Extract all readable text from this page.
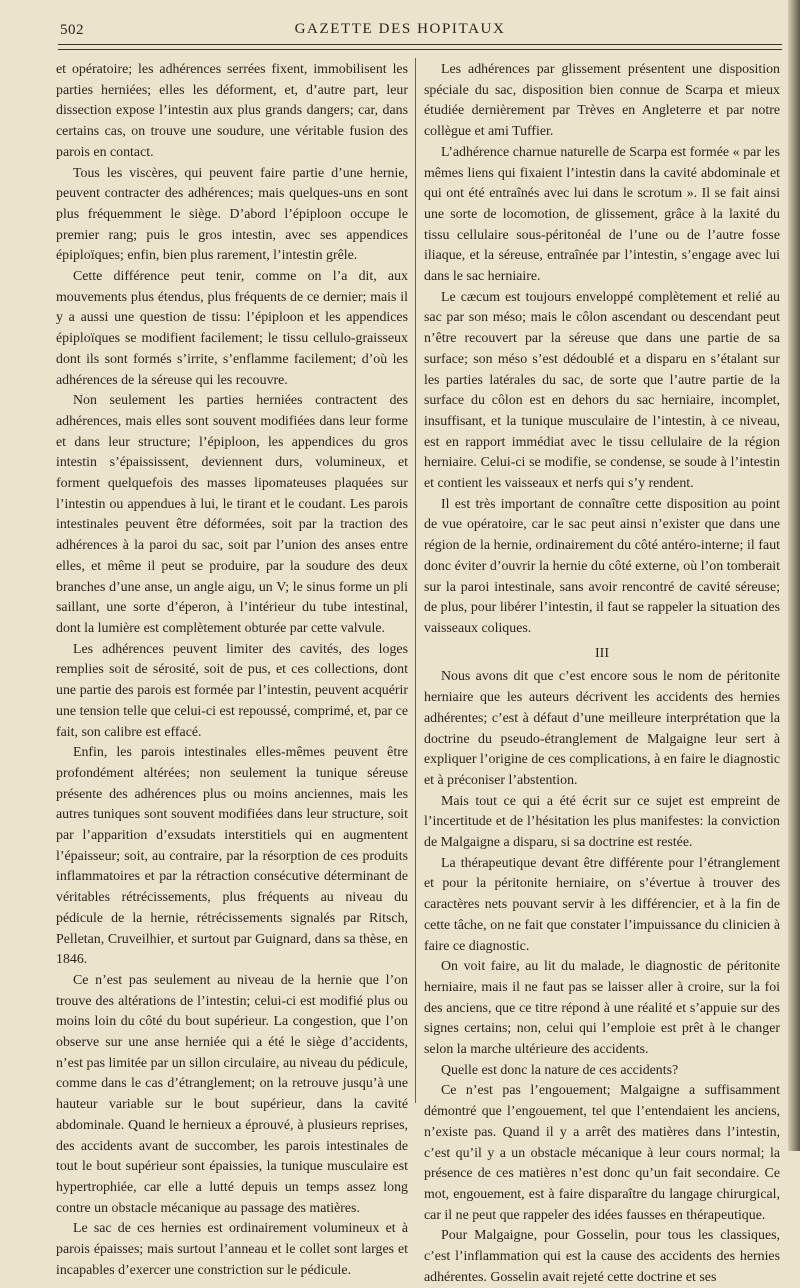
502	GAZETTE DES HOPITAUX

et opératoire; les adhérences serrées fixent, immobilisent les parties herniées; elles les déforment, et, d’autre part, leur dissection expose l’intestin aux plus grands dangers; car, dans certains cas, on trouve une soudure, une véritable fusion des parois en contact.

Tous les viscères, qui peuvent faire partie d’une hernie, peuvent contracter des adhérences; mais quelques-uns en sont plus fréquemment le siège. D’abord l’épiploon occupe le premier rang; puis le gros intestin, avec ses appendices épiploïques; enfin, bien plus rarement, l’intestin grêle.

Cette différence peut tenir, comme on l’a dit, aux mouvements plus étendus, plus fréquents de ce dernier; mais il y a aussi une question de tissu: l’épiploon et les appendices épiploïques se modifient facilement; le tissu cellulo-graisseux dont ils sont formés s’irrite, s’enflamme facilement; d’où les adhérences de la séreuse qui les recouvre.

Non seulement les parties herniées contractent des adhérences, mais elles sont souvent modifiées dans leur forme et dans leur structure; l’épiploon, les appendices du gros intestin s’épaississent, deviennent durs, volumineux, et forment quelquefois des masses lipomateuses plaquées sur l’intestin ou appendues à lui, le tirant et le coudant. Les parois intestinales peuvent être déformées, soit par la traction des adhérences à la paroi du sac, soit par l’union des anses entre elles, et même il peut se produire, par la soudure des deux branches d’une anse, un angle aigu, un V; le sinus forme un pli saillant, une sorte d’éperon, à l’intérieur du tube intestinal, dont la lumière est complètement obturée par cette valvule.

Les adhérences peuvent limiter des cavités, des loges remplies soit de sérosité, soit de pus, et ces collections, dont une partie des parois est formée par l’intestin, peuvent acquérir une tension telle que celui-ci est repoussé, comprimé, et, par ce fait, son calibre est effacé.

Enfin, les parois intestinales elles-mêmes peuvent être profondément altérées; non seulement la tunique séreuse présente des adhérences plus ou moins anciennes, mais les autres tuniques sont souvent modifiées dans leur structure, soit par l’apparition d’exsudats interstitiels qui en augmentent l’épaisseur; soit, au contraire, par la résorption de ces produits inflammatoires et par la rétraction consécutive déterminant de véritables rétrécissements, plus fréquents au niveau du pédicule de la hernie, rétrécissements signalés par Ritsch, Pelletan, Cruveilhier, et surtout par Guignard, dans sa thèse, en 1846.

Ce n’est pas seulement au niveau de la hernie que l’on trouve des altérations de l’intestin; celui-ci est modifié plus ou moins loin du côté du bout supérieur. La congestion, que l’on observe sur une anse herniée qui a été le siège d’accidents, n’est pas limitée par un sillon circulaire, au niveau du pédicule, comme dans le cas d’étranglement; on la retrouve jusqu’à une hauteur variable sur le bout supérieur, dans la cavité abdominale. Quand le hernieux a éprouvé, à plusieurs reprises, des accidents avant de succomber, les parois intestinales de tout le bout supérieur sont épaissies, la tunique musculaire est hypertrophiée, car elle a lutté depuis un temps assez long contre un obstacle mécanique au passage des matières.

Le sac de ces hernies est ordinairement volumineux et à parois épaisses; mais surtout l’anneau et le collet sont larges et incapables d’exercer une constriction sur le pédicule.

Les adhérences par glissement présentent une disposition spéciale du sac, disposition bien connue de Scarpa et mieux étudiée dernièrement par Trèves en Angleterre et par notre collègue et ami Tuffier.

L’adhérence charnue naturelle de Scarpa est formée « par les mêmes liens qui fixaient l’intestin dans la cavité abdominale et qui ont été entraînés avec lui dans le scrotum ». Il se fait ainsi une sorte de locomotion, de glissement, grâce à la laxité du tissu cellulaire sous-péritonéal de l’une ou de l’autre fosse iliaque, et la séreuse, entraînée par l’intestin, s’engage avec lui dans le sac herniaire.

Le cæcum est toujours enveloppé complètement et relié au sac par son méso; mais le côlon ascendant ou descendant peut n’être recouvert par la séreuse que dans une partie de sa surface; son méso s’est dédoublé et a disparu en s’étalant sur les parties latérales du sac, de sorte que l’autre partie de la surface du côlon est en dehors du sac herniaire, incomplet, insuffisant, et la tunique musculaire de l’intestin, à ce niveau, est en rapport immédiat avec le tissu cellulaire de la région herniaire. Celui-ci se modifie, se condense, se soude à l’intestin et contient les vaisseaux et nerfs qui s’y rendent.

Il est très important de connaître cette disposition au point de vue opératoire, car le sac peut ainsi n’exister que dans une région de la hernie, ordinairement du côté antéro-interne; il faut donc éviter d’ouvrir la hernie du côté externe, où l’on tomberait sur la paroi intestinale, sans avoir rencontré de cavité séreuse; de plus, pour libérer l’intestin, il faut se rappeler la situation des vaisseaux coliques.

III

Nous avons dit que c’est encore sous le nom de péritonite herniaire que les auteurs décrivent les accidents des hernies adhérentes; c’est à défaut d’une meilleure interprétation que la doctrine du pseudo-étranglement de Malgaigne leur sert à expliquer l’origine de ces complications, à en faire le diagnostic et à préconiser l’abstention.

Mais tout ce qui a été écrit sur ce sujet est empreint de l’incertitude et de l’hésitation les plus manifestes: la conviction de Malgaigne a disparu, si sa doctrine est restée.

La thérapeutique devant être différente pour l’étranglement et pour la péritonite herniaire, on s’évertue à trouver des caractères nets pouvant servir à les différencier, et à la fin de cette tâche, on ne fait que constater l’impuissance du clinicien à faire ce diagnostic.

On voit faire, au lit du malade, le diagnostic de péritonite herniaire, mais il ne faut pas se laisser aller à croire, sur la foi des anciens, que ce titre répond à une réalité et s’appuie sur des signes certains; non, celui qui l’emploie est prêt à le changer selon la marche ultérieure des accidents.

Quelle est donc la nature de ces accidents?

Ce n’est pas l’engouement; Malgaigne a suffisamment démontré que l’engouement, tel que l’entendaient les anciens, n’existe pas. Quand il y a arrêt des matières dans l’intestin, c’est qu’il y a un obstacle mécanique à leur cours normal; la présence de ces matières n’est donc qu’un fait secondaire. Ce mot, engouement, est à faire disparaître du langage chirurgical, car il ne peut que rappeler des idées fausses en thérapeutique.

Pour Malgaigne, pour Gosselin, pour tous les classiques, c’est l’inflammation qui est la cause des accidents des hernies adhérentes. Gosselin avait rejeté cette doctrine et ses
